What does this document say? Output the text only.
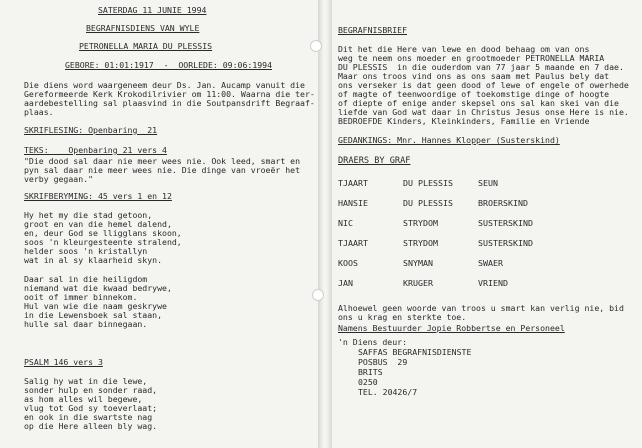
SATERDAG 11 JUNIE 1994
BEGRAFNISDIENS VAN WYLE
PETRONELLA MARIA DU PLESSIS
GEBORE: 01:01:1917  -  OORLEDE: 09:06:1994
Die diens word waargeneem deur Ds. Jan. Aucamp vanuit die
Gereformeerde Kerk Krokodilrivier om 11:00. Waarna die ter-
aardebestelling sal plaasvind in die Soutpansdrift Begraaf-
plaas.
SKRIFLESING: Openbaring  21
TEKS:    Openbaring 21 vers 4
"Die dood sal daar nie meer wees nie. Ook leed, smart en
pyn sal daar nie meer wees nie. Die dinge van vroeër het
verby gegaan."
SKRIFBERYMING: 45 vers 1 en 12
Hy het my die stad getoon,
groot en van die hemel dalend,
en, deur God se lligglans skoon,
soos 'n kleurgesteente stralend,
helder soos 'n kristallyn
wat in al sy klaarheid skyn.
Daar sal in die heiligdom
niemand wat die kwaad bedrywe,
ooit of immer binnekom.
Hul van wie die naam geskrywe
in die Lewensboek sal staan,
hulle sal daar binnegaan.
PSALM 146 vers 3
Salig hy wat in die lewe,
sonder hulp en sonder raad,
as hom alles wil begewe,
vlug tot God sy toeverlaat;
en ook in die swartste nag
op die Here alleen bly wag.
BEGRAFNISBRIEF
Dit het die Here van lewe en dood behaag om van ons
weg te neem ons moeder en grootmoeder PETRONELLA MARIA
DU PLESSIS  in die ouderdom van 77 jaar 5 maande en 7 dae.
Maar ons troos vind ons as ons saam met Paulus bely dat
ons verseker is dat geen dood of lewe of engele of owerhede
of magte of teenwoordige of toekomstige dinge of hoogte
of diepte of enige ander skepsel ons sal kan skei van die
liefde van God wat daar in Christus Jesus onse Here is nie.
BEDROEFDE Kinders, Kleinkinders, Familie en Vriende
GEDANKINGS: Mnr. Hannes Klopper (Susterskind)
DRAERS BY GRAF
TJAART	DU PLESSIS	SEUN
HANSIE	DU PLESSIS	BROERSKIND
NIC	STRYDOM	SUSTERSKIND
TJAART	STRYDOM	SUSTERSKIND
KOOS	SNYMAN	SWAER
JAN	KRUGER	VRIEND
Alhoewel geen woorde van troos u smart kan verlig nie, bid
ons u krag en sterkte toe.
Namens Bestuurder Jopie Robbertse en Personeel
'n Diens deur:
SAFFAS BEGRAFNISDIENSTE
POSBUS  29
BRITS
0250
TEL. 20426/7
